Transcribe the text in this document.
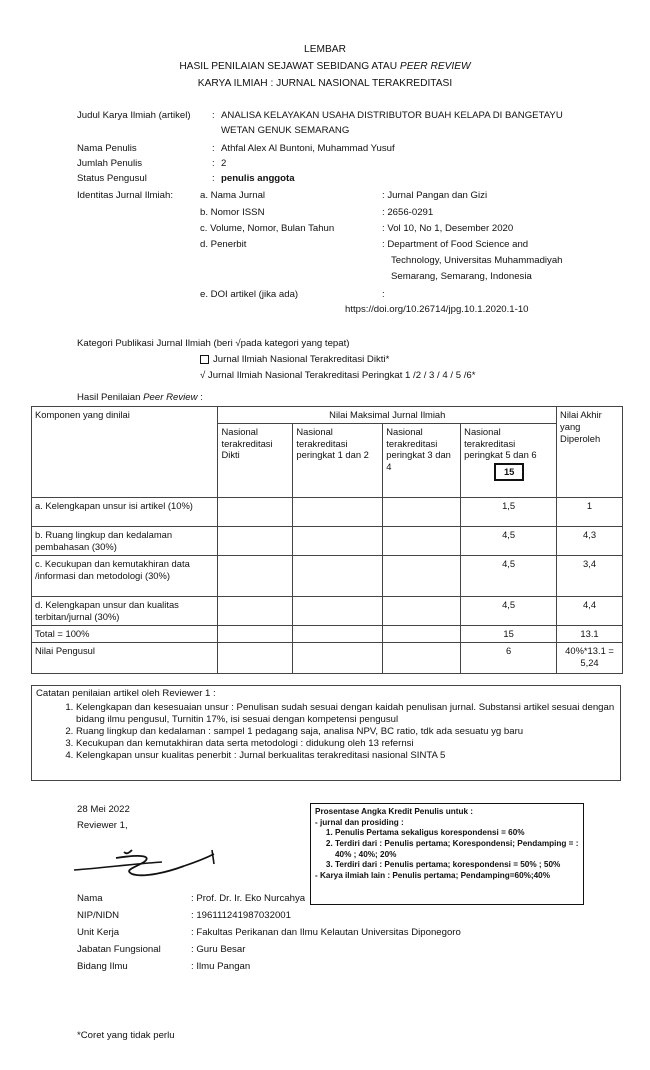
LEMBAR
HASIL PENILAIAN SEJAWAT SEBIDANG ATAU PEER REVIEW
KARYA ILMIAH : JURNAL NASIONAL TERAKREDITASI
Judul Karya Ilmiah (artikel) : ANALISA KELAYAKAN USAHA DISTRIBUTOR BUAH KELAPA DI BANGETAYU
WETAN GENUK SEMARANG
Nama Penulis	: Athfal Alex Al Buntoni, Muhammad Yusuf
Jumlah Penulis	: 2
Status Pengusul	: penulis anggota
Identitas Jurnal Ilmiah:	a. Nama Jurnal	: Jurnal Pangan dan Gizi
b. Nomor ISSN	: 2656-0291
c. Volume, Nomor, Bulan Tahun	: Vol 10, No 1, Desember 2020
d. Penerbit	: Department of Food Science and
Technology, Universitas Muhammadiyah
Semarang, Semarang, Indonesia
e. DOI artikel (jika ada)	:
https://doi.org/10.26714/jpg.10.1.2020.1-10
Kategori Publikasi Jurnal Ilmiah (beri √pada kategori yang tepat)
Jurnal Ilmiah Nasional Terakreditasi Dikti*
√ Jurnal Ilmiah Nasional Terakreditasi Peringkat 1 /2 / 3 / 4 / 5 /6*
Hasil Penilaian Peer Review :
Komponen yang dinilai	Nilai Maksimal Jurnal Ilmiah				Nilai Akhir yang Diperoleh
	Nasional terakreditasi Dikti	Nasional terakreditasi peringkat 1 dan 2	Nasional terakreditasi peringkat 3 dan 4	Nasional terakreditasi peringkat 5 dan 6
15	
a. Kelengkapan unsur isi artikel (10%)				1,5	1
b. Ruang lingkup dan kedalaman pembahasan (30%)				4,5	4,3
c. Kecukupan dan kemutakhiran data /informasi dan metodologi (30%)				4,5	3,4
d. Kelengkapan unsur dan kualitas terbitan/jurnal (30%)				4,5	4,4
Total = 100%				15	13.1
Nilai Pengusul				6	40%*13.1 =
5,24
Catatan penilaian artikel oleh Reviewer 1 :
1. Kelengkapan dan kesesuaian unsur : Penulisan sudah sesuai dengan kaidah penulisan jurnal. Substansi artikel sesuai dengan bidang ilmu pengusul, Turnitin 17%, isi sesuai dengan kompetensi pengusul
2. Ruang lingkup dan kedalaman : sampel 1 pedagang saja, analisa NPV, BC ratio, tdk ada sesuatu yg baru
3. Kecukupan dan kemutakhiran data serta metodologi : didukung oleh 13 refernsi
4. Kelengkapan unsur kualitas penerbit : Jurnal berkualitas terakreditasi nasional SINTA 5
28 Mei 2022
Reviewer 1,
Nama	: Prof. Dr. Ir. Eko Nurcahya
NIP/NIDN	: 196111241987032001
Unit Kerja	: Fakultas Perikanan dan Ilmu Kelautan Universitas Diponegoro
Jabatan Fungsional	: Guru Besar
Bidang Ilmu	: Ilmu Pangan
Prosentase Angka Kredit Penulis untuk :
- jurnal dan prosiding :
1. Penulis Pertama sekaligus korespondensi = 60%
2. Terdiri dari : Penulis pertama; Korespondensi; Pendamping = : 40% ; 40%; 20%
3. Terdiri dari : Penulis pertama; korespondensi = 50% ; 50%
- Karya ilmiah lain : Penulis pertama; Pendamping=60%;40%
*Coret yang tidak perlu
